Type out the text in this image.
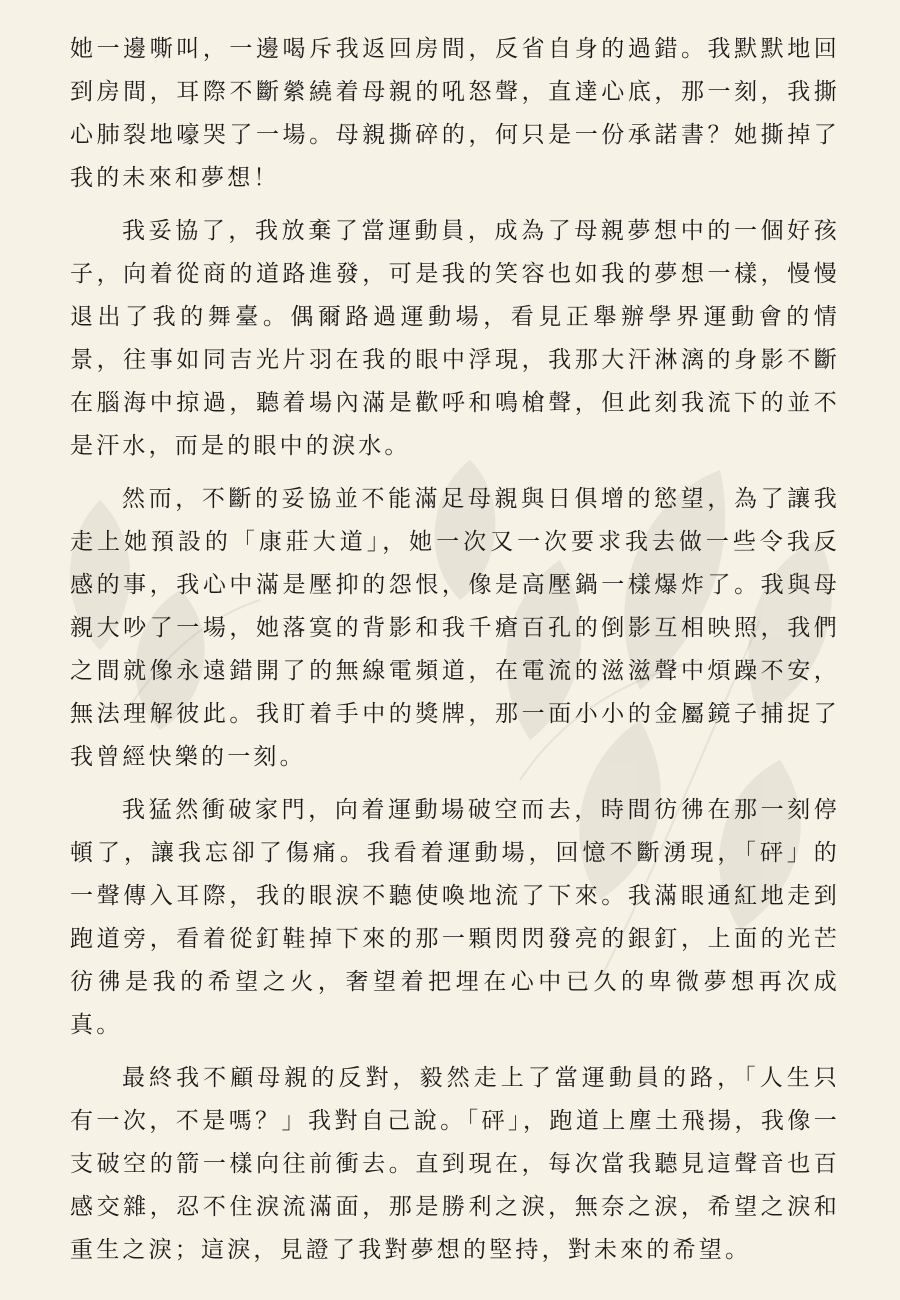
她一邊嘶叫，一邊喝斥我返回房間，反省自身的過錯。我默默地回到房間，耳際不斷縈繞着母親的吼怒聲，直達心底，那一刻，我撕心肺裂地嚎哭了一場。母親撕碎的，何只是一份承諾書？她撕掉了我的未來和夢想！

我妥協了，我放棄了當運動員，成為了母親夢想中的一個好孩子，向着從商的道路進發，可是我的笑容也如我的夢想一樣，慢慢退出了我的舞臺。偶爾路過運動場，看見正舉辦學界運動會的情景，往事如同吉光片羽在我的眼中浮現，我那大汗淋漓的身影不斷在腦海中掠過，聽着場內滿是歡呼和鳴槍聲，但此刻我流下的並不是汗水，而是的眼中的淚水。

然而，不斷的妥協並不能滿足母親與日俱增的慾望，為了讓我走上她預設的「康莊大道」，她一次又一次要求我去做一些令我反感的事，我心中滿是壓抑的怨恨，像是高壓鍋一樣爆炸了。我與母親大吵了一場，她落寞的背影和我千瘡百孔的倒影互相映照，我們之間就像永遠錯開了的無線電頻道，在電流的滋滋聲中煩躁不安，無法理解彼此。我盯着手中的獎牌，那一面小小的金屬鏡子捕捉了我曾經快樂的一刻。

我猛然衝破家門，向着運動場破空而去，時間彷彿在那一刻停頓了，讓我忘卻了傷痛。我看着運動場，回憶不斷湧現，「砰」的一聲傳入耳際，我的眼淚不聽使喚地流了下來。我滿眼通紅地走到跑道旁，看着從釘鞋掉下來的那一顆閃閃發亮的銀釘，上面的光芒彷彿是我的希望之火，奢望着把埋在心中已久的卑微夢想再次成真。

最終我不顧母親的反對，毅然走上了當運動員的路，「人生只有一次，不是嗎？」我對自己說。「砰」，跑道上塵土飛揚，我像一支破空的箭一樣向往前衝去。直到現在，每次當我聽見這聲音也百感交雜，忍不住淚流滿面，那是勝利之淚，無奈之淚，希望之淚和重生之淚；這淚，見證了我對夢想的堅持，對未來的希望。
